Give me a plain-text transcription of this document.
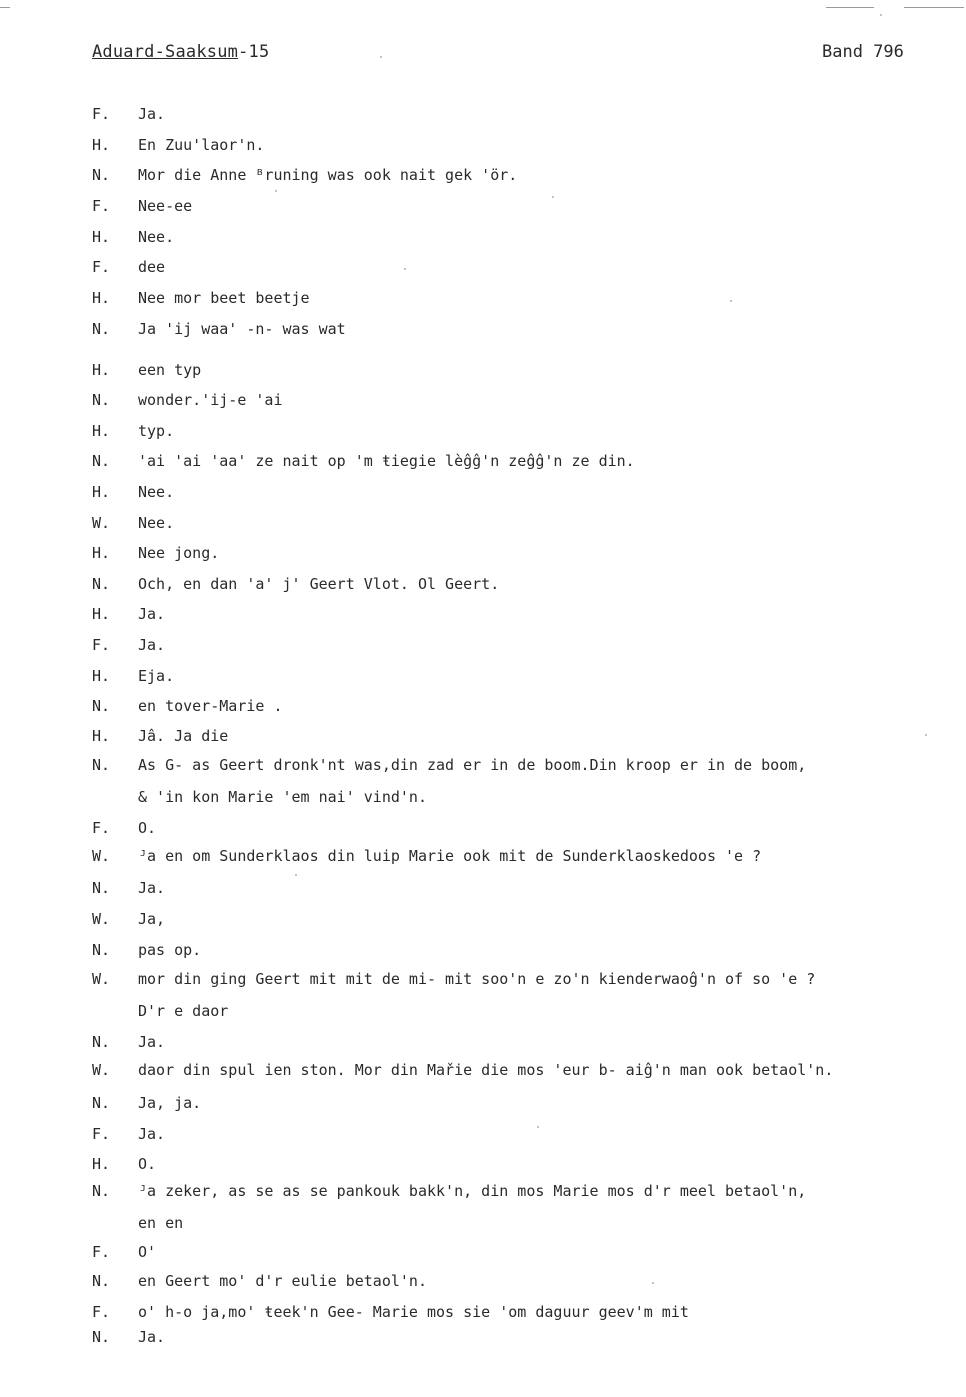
Aduard-Saaksum-15	Band 796
F. Ja.
H. En Zuu'laor'n.
N. Mor die Anne ᴮruning was ook nait gek 'ör.
F. Nee-ee
H. Nee.
F. dee
H. Nee mor beet beetje
N. Ja 'ij waa' -n- was wat
H. een typ
N. wonder.'ij-e 'ai
H. typ.
N. 'ai 'ai 'aa' ze nait op 'm ŧiegie lèĝĝ'n zeĝĝ'n ze din.
H. Nee.
W. Nee.
H. Nee jong.
N. Och, en dan 'a' j' Geert Vlot. Ol Geert.
H. Ja.
F. Ja.
H. Eja.
N. en tover-Marie .
H. Jâ. Ja die
N. As G- as Geert dronk'nt was,din zad er in de boom.Din kroop er in de boom,
& 'in kon Marie 'em nai' vind'n.
F. O.
W. ᴶa en om Sunderklaos din luip Marie ook mit de Sunderklaoskedoos 'e ?
N. Ja.
W. Ja,
N. pas op.
W. mor din ging Geert mit mit de mi- mit soo'n e zo'n kienderwaoĝ'n of so 'e ?
D'r e daor
N. Ja.
W. daor din spul ien ston. Mor din Mařie die mos 'eur b- aiĝ'n man ook betaol'n.
N. Ja, ja.
F. Ja.
H. O.
N. ᴶa zeker, as se as se pankouk bakk'n, din mos Marie mos d'r meel betaol'n,
en en
F. O'
N. en Geert mo' d'r eulie betaol'n.
F. o' h-o ja,mo' ŧeek'n Gee- Marie mos sie 'om daguur geev'm mit
N. Ja.
